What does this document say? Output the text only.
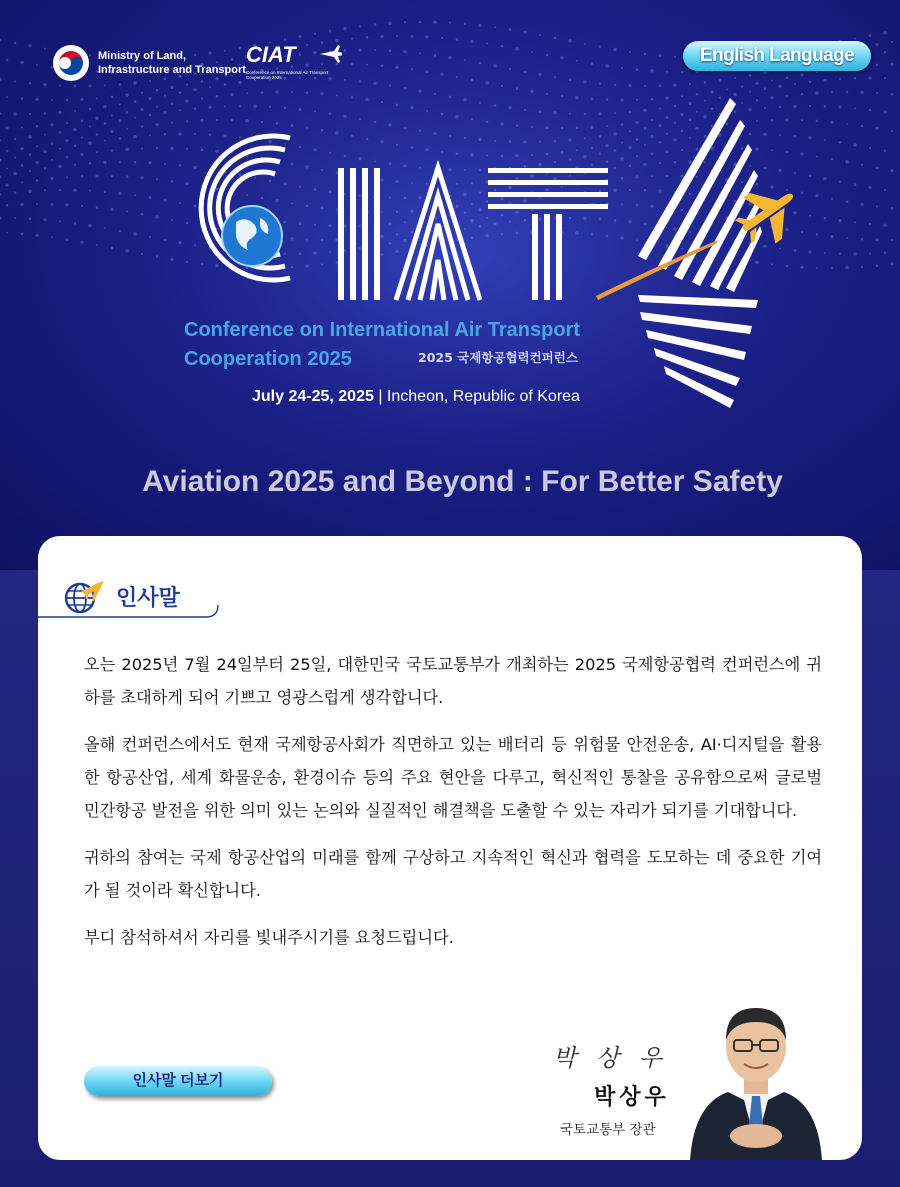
Ministry of Land,
Infrastructure and Transport
CIAT
Conference on International Air Transport
Cooperation 2025
English Language
Conference on International Air Transport
Cooperation 2025	2025 국제항공협력컨퍼런스
July 24-25, 2025 | Incheon, Republic of Korea
Aviation 2025 and Beyond : For Better Safety
인사말

오는 2025년 7월 24일부터 25일, 대한민국 국토교통부가 개최하는 2025 국제항공협력 컨퍼런스에 귀하를 초대하게 되어 기쁘고 영광스럽게 생각합니다.

올해 컨퍼런스에서도 현재 국제항공사회가 직면하고 있는 배터리 등 위험물 안전운송, AI·디지털을 활용한 항공산업, 세계 화물운송, 환경이슈 등의 주요 현안을 다루고, 혁신적인 통찰을 공유함으로써 글로벌 민간항공 발전을 위한 의미 있는 논의와 실질적인 해결책을 도출할 수 있는 자리가 되기를 기대합니다.

귀하의 참여는 국제 항공산업의 미래를 함께 구상하고 지속적인 혁신과 협력을 도모하는 데 중요한 기여가 될 것이라 확신합니다.

부디 참석하셔서 자리를 빛내주시기를 요청드립니다.

인사말 더보기
박 상 우
박상우
국토교통부 장관
